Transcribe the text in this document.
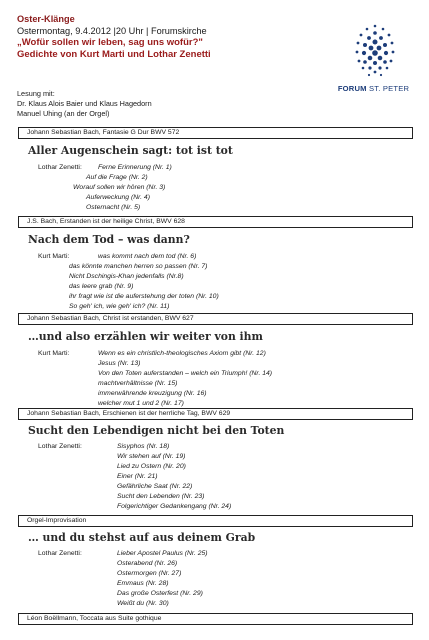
Oster-Klänge
Ostermontag, 9.4.2012 |20 Uhr | Forumskirche
„Wofür sollen wir leben, sag uns wofür?"
Gedichte von Kurt Marti und Lothar Zenetti
FORUM ST. PETER
Lesung mit:
Dr. Klaus Alois Baier und Klaus Hagedorn
Manuel Uhing (an der Orgel)
Johann Sebastian Bach, Fantasie G Dur BWV 572
Aller Augenschein sagt: tot ist tot
Lothar Zenetti: Ferne Erinnerung (Nr. 1)
Auf die Frage (Nr. 2)
Worauf sollen wir hören (Nr. 3)
Auferweckung (Nr. 4)
Osternacht (Nr. 5)
J.S. Bach, Erstanden ist der heilige Christ, BWV 628
Nach dem Tod – was dann?
Kurt Marti:	was kommt nach dem tod (Nr. 6)
das könnte manchen herren so passen (Nr. 7)
Nicht Dschingis-Khan jedenfalls (Nr.8)
das leere grab (Nr. 9)
ihr fragt wie ist die auferstehung der toten (Nr. 10)
So geh' ich, wie geh' ich? (Nr. 11)
Johann Sebastian Bach, Christ ist erstanden, BWV 627
…und also erzählen wir weiter von ihm
Kurt Marti:	Wenn es ein christlich-theologisches Axiom gibt (Nr. 12)
Jesus (Nr. 13)
Von den Toten auferstanden – welch ein Triumph! (Nr. 14)
machtverhältnisse (Nr. 15)
immerwährende kreuzigung (Nr. 16)
welcher mut 1 und 2 (Nr. 17)
Johann Sebastian Bach, Erschienen ist der herrliche Tag, BWV 629
Sucht den Lebendigen nicht bei den Toten
Lothar Zenetti:	Sisyphos (Nr. 18)
Wir stehen auf (Nr. 19)
Lied zu Ostern (Nr. 20)
Einer (Nr. 21)
Gefährliche Saat (Nr. 22)
Sucht den Lebenden (Nr. 23)
Folgerichtiger Gedankengang (Nr. 24)
Orgel-Improvisation
… und du stehst auf aus deinem Grab
Lothar Zenetti:	Lieber Apostel Paulus (Nr. 25)
Osterabend (Nr. 26)
Ostermorgen (Nr. 27)
Emmaus (Nr. 28)
Das große Osterfest (Nr. 29)
Weißt du (Nr. 30)
Léon Boëllmann, Toccata aus Suite gothique
